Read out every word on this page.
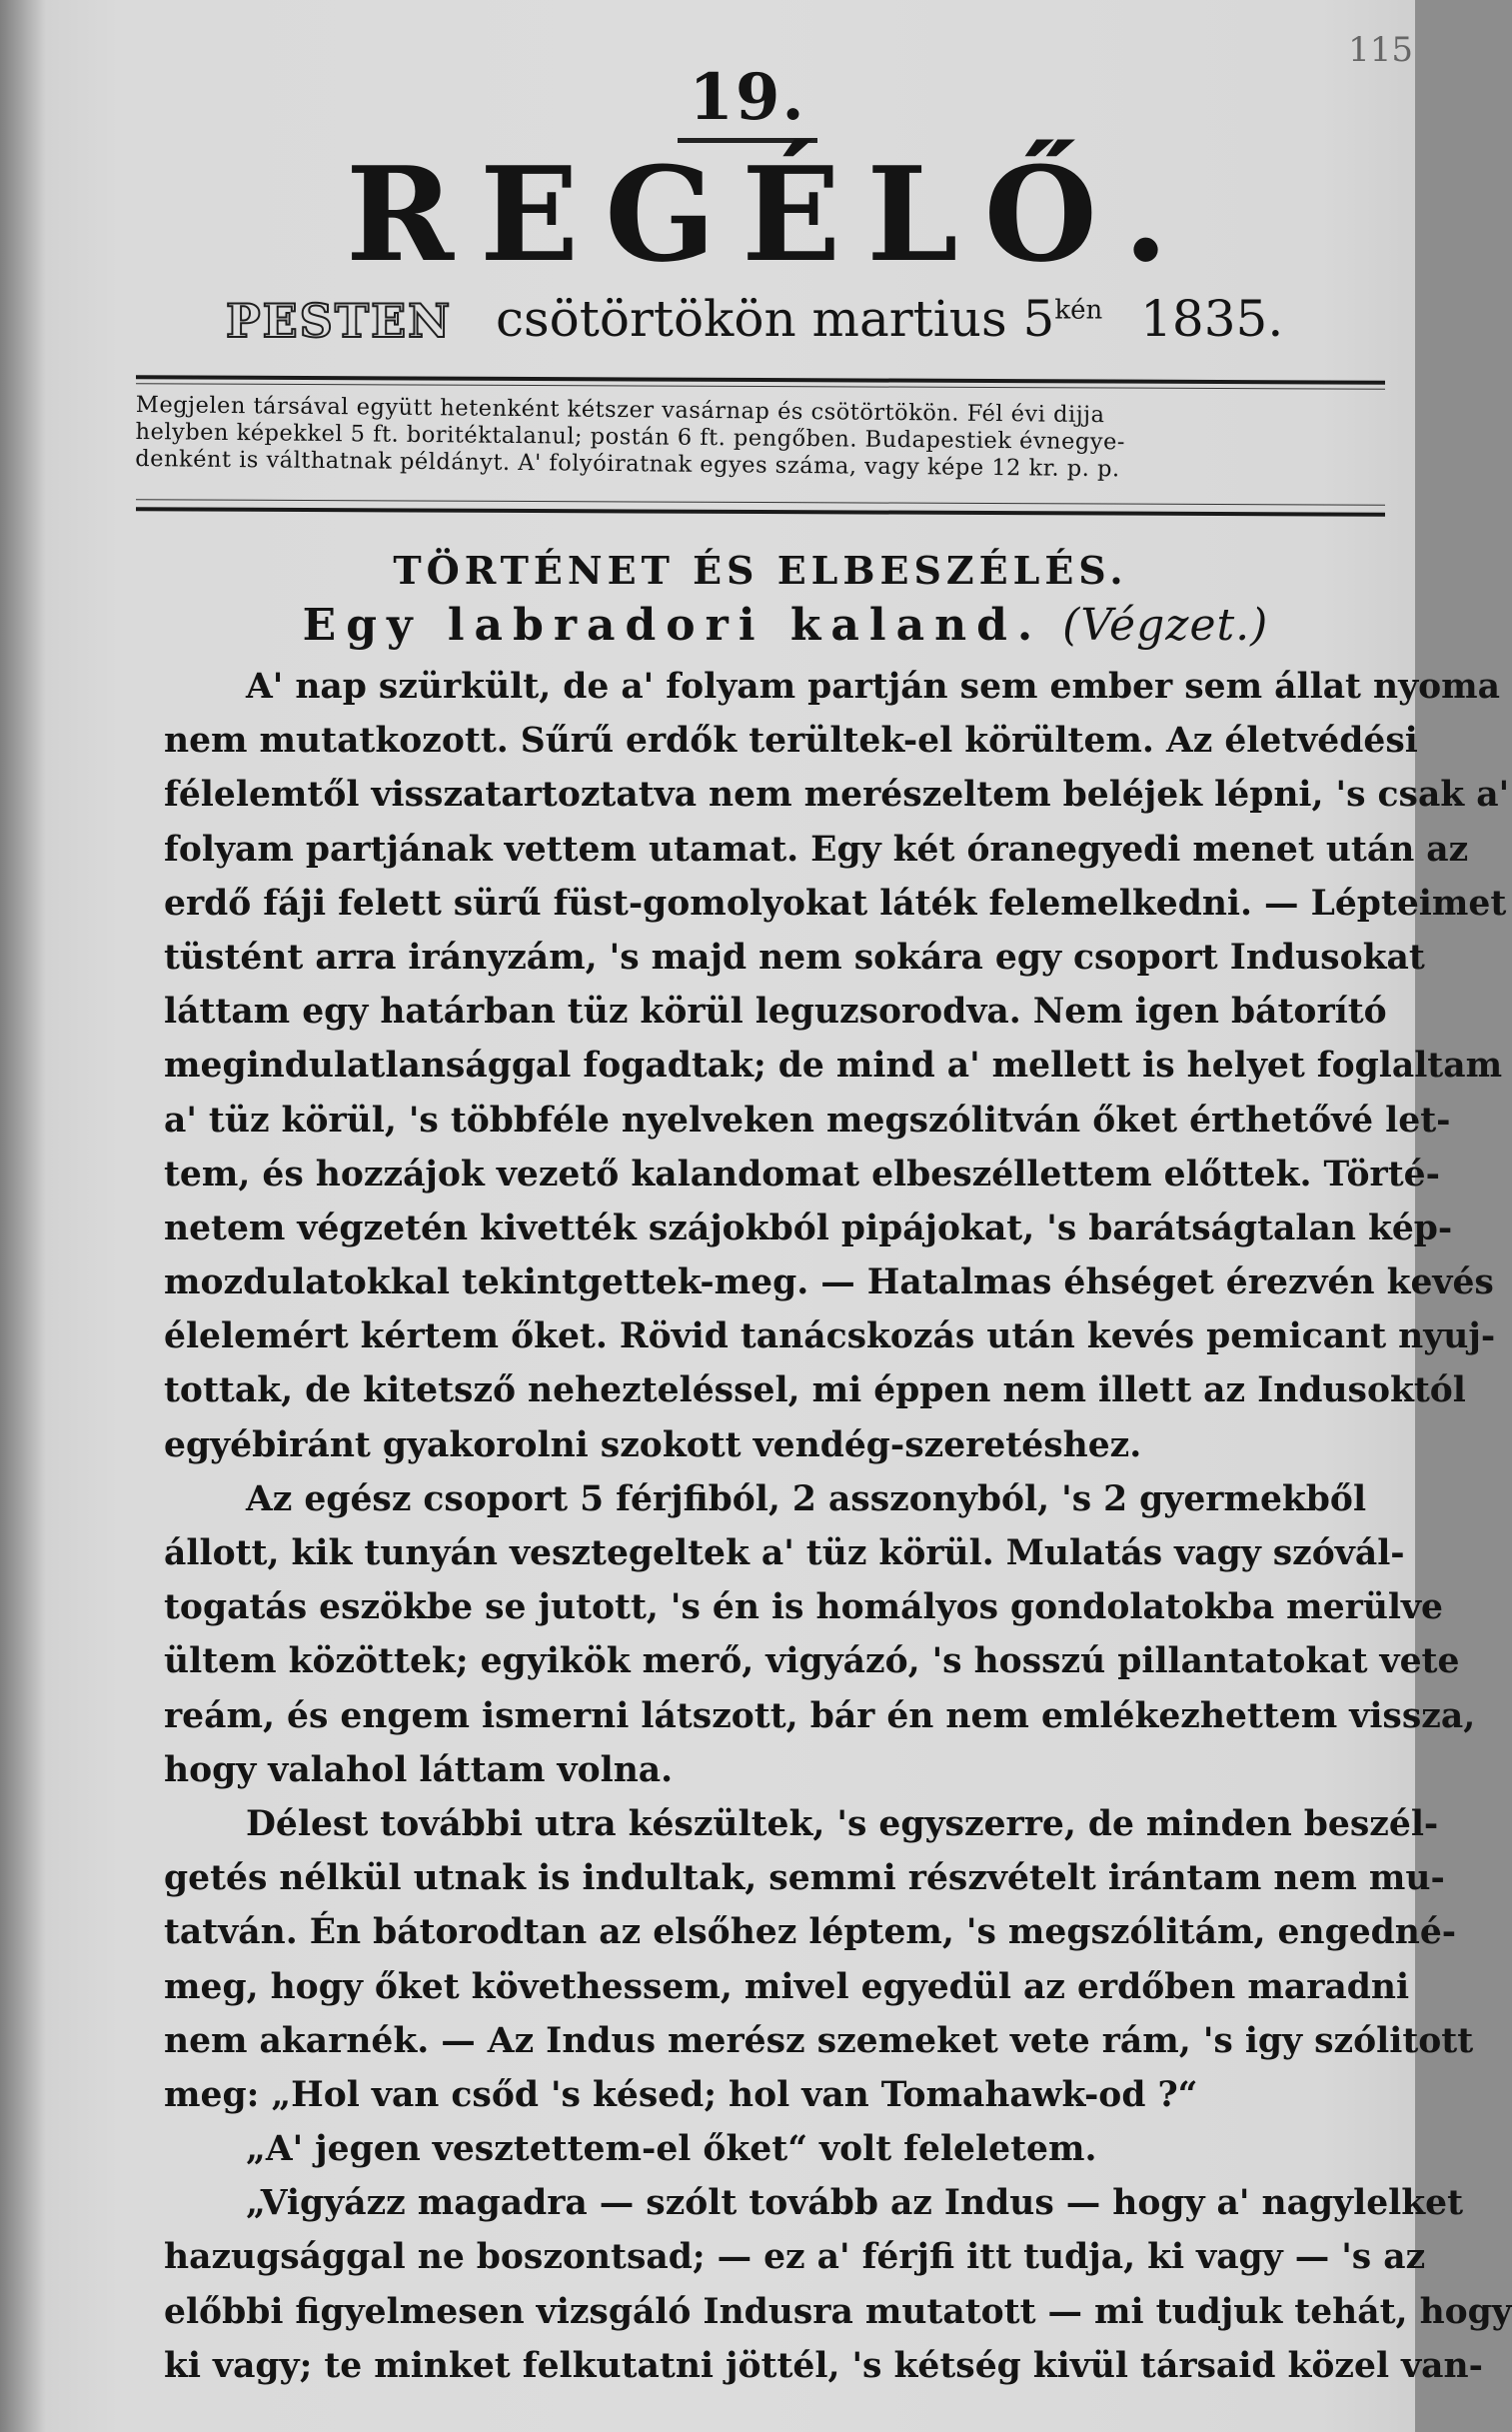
115
19.
REGÉLŐ.
PESTEN csötörtökön martius $5^{kén}$ 1835.

Megjelen társával együtt hetenként kétszer vasárnap és csötörtökön. Fél évi dijja

helyben képekkel 5 ft. boritéktalanul; postán 6 ft. pengőben. Budapestiek évnegye-

denként is válthatnak példányt. A' folyóiratnak egyes száma, vagy képe 12 kr. p. p.

TÖRTÉNET ÉS ELBESZÉLÉS.
Egy labradori kaland. (Végzet.)
A' nap szürkült, de a' folyam partján sem ember sem állat nyoma
nem mutatkozott. Sűrű erdők terültek-el körültem. Az életvédési
félelemtől visszatartoztatva nem merészeltem beléjek lépni, 's csak a'
folyam partjának vettem utamat. Egy két óranegyedi menet után az
erdő fáji felett sürű füst-gomolyokat láték felemelkedni. — Lépteimet
tüstént arra irányzám, 's majd nem sokára egy csoport Indusokat
láttam egy határban tüz körül leguzsorodva. Nem igen bátorító
megindulatlansággal fogadtak; de mind a' mellett is helyet foglaltam
a' tüz körül, 's többféle nyelveken megszólitván őket érthetővé let-
tem, és hozzájok vezető kalandomat elbeszéllettem előttek. Törté-
netem végzetén kivették szájokból pipájokat, 's barátságtalan kép-
mozdulatokkal tekintgettek-meg. — Hatalmas éhséget érezvén kevés
élelemért kértem őket. Rövid tanácskozás után kevés pemicant nyuj-
tottak, de kitetsző nehezteléssel, mi éppen nem illett az Indusoktól
egyébiránt gyakorolni szokott vendég-szeretéshez.
Az egész csoport 5 férjfiból, 2 asszonyból, 's 2 gyermekből
állott, kik tunyán vesztegeltek a' tüz körül. Mulatás vagy szóvál-
togatás eszökbe se jutott, 's én is homályos gondolatokba merülve
ültem közöttek; egyikök merő, vigyázó, 's hosszú pillantatokat vete
reám, és engem ismerni látszott, bár én nem emlékezhettem vissza,
hogy valahol láttam volna.
Délest további utra készültek, 's egyszerre, de minden beszél-
getés nélkül utnak is indultak, semmi részvételt irántam nem mu-
tatván. Én bátorodtan az elsőhez léptem, 's megszólitám, engedné-
meg, hogy őket követhessem, mivel egyedül az erdőben maradni
nem akarnék. — Az Indus merész szemeket vete rám, 's igy szólitott
meg: „Hol van csőd 's késed; hol van Tomahawk-od ?“
„A' jegen vesztettem-el őket“ volt feleletem.
„Vigyázz magadra — szólt tovább az Indus — hogy a' nagylelket
hazugsággal ne boszontsad; — ez a' férjfi itt tudja, ki vagy — 's az
előbbi figyelmesen vizsgáló Indusra mutatott — mi tudjuk tehát, hogy
ki vagy; te minket felkutatni jöttél, 's kétség kivül társaid közel van-
